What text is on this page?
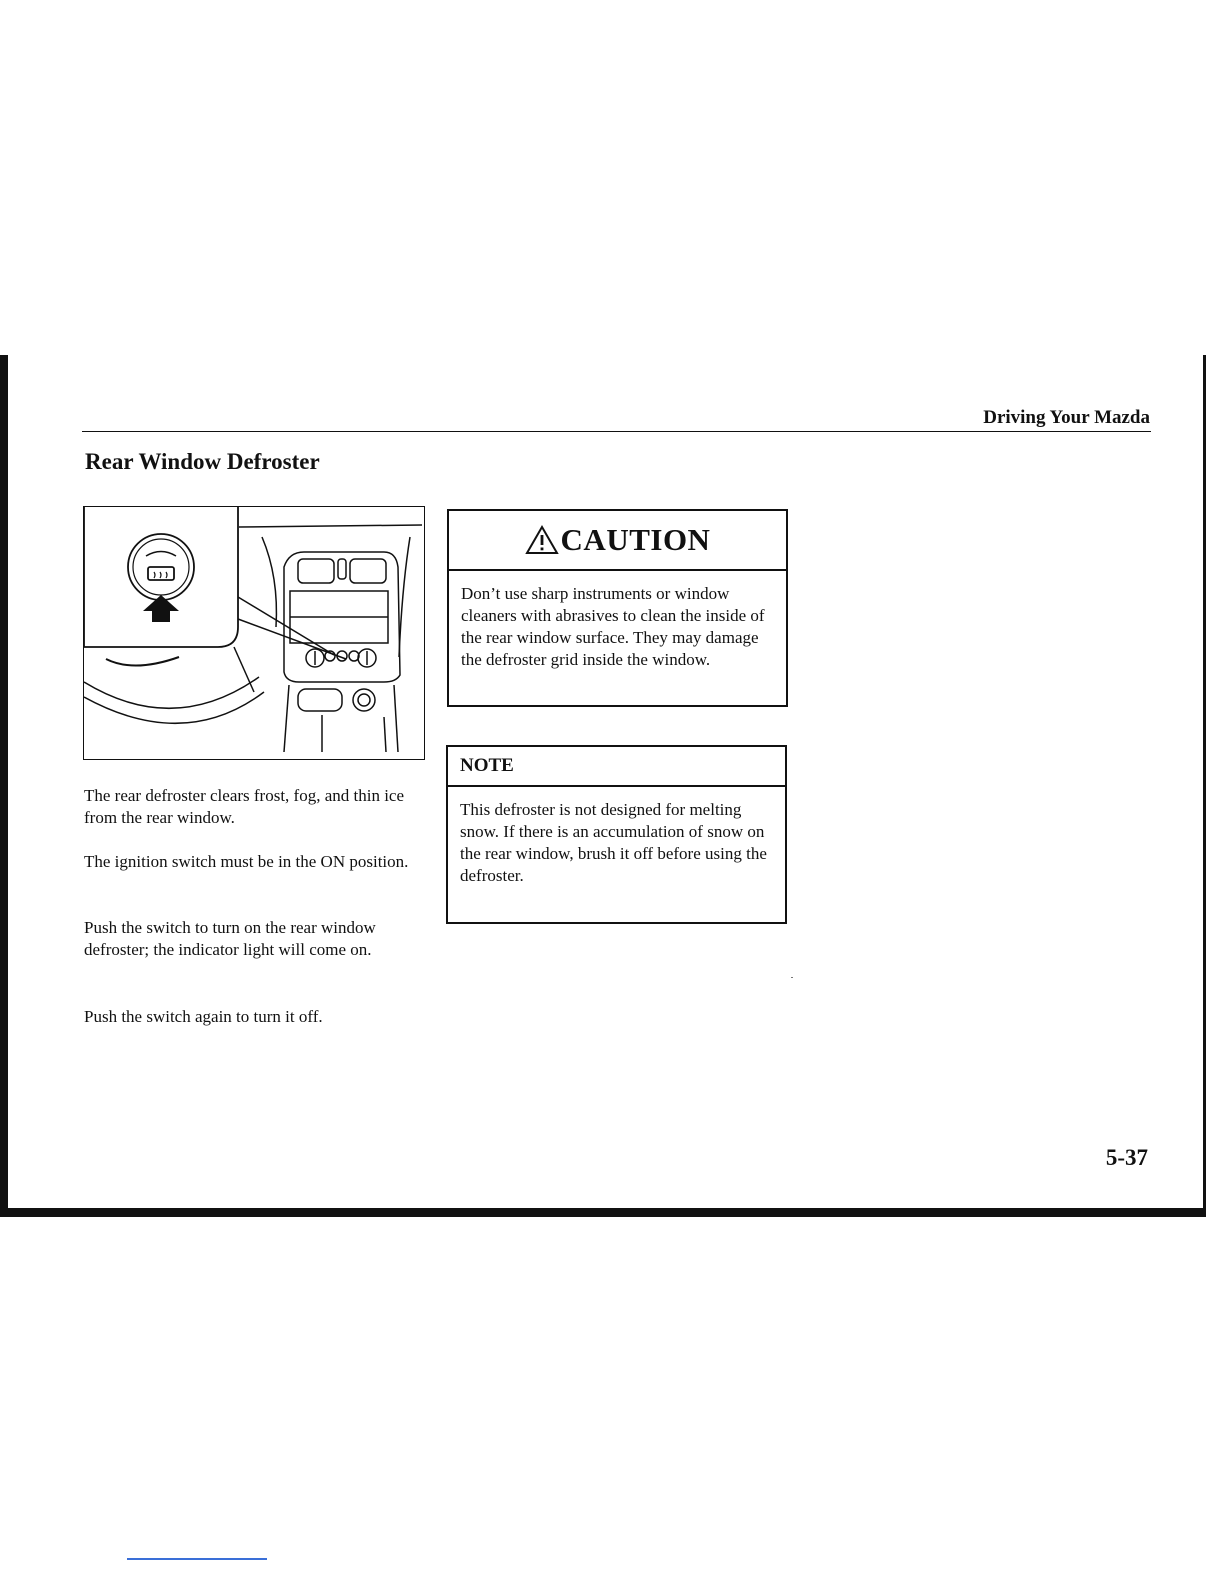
Driving Your Mazda
Rear Window Defroster
The rear defroster clears frost, fog, and thin ice from the rear window.
The ignition switch must be in the ON position.
Push the switch to turn on the rear window defroster; the indicator light will come on.
Push the switch again to turn it off.
CAUTION
Don’t use sharp instruments or window cleaners with abrasives to clean the inside of the rear window surface. They may damage the defroster grid inside the window.
NOTE
This defroster is not designed for melting snow. If there is an accumulation of snow on the rear window, brush it off before using the defroster.
5-37
